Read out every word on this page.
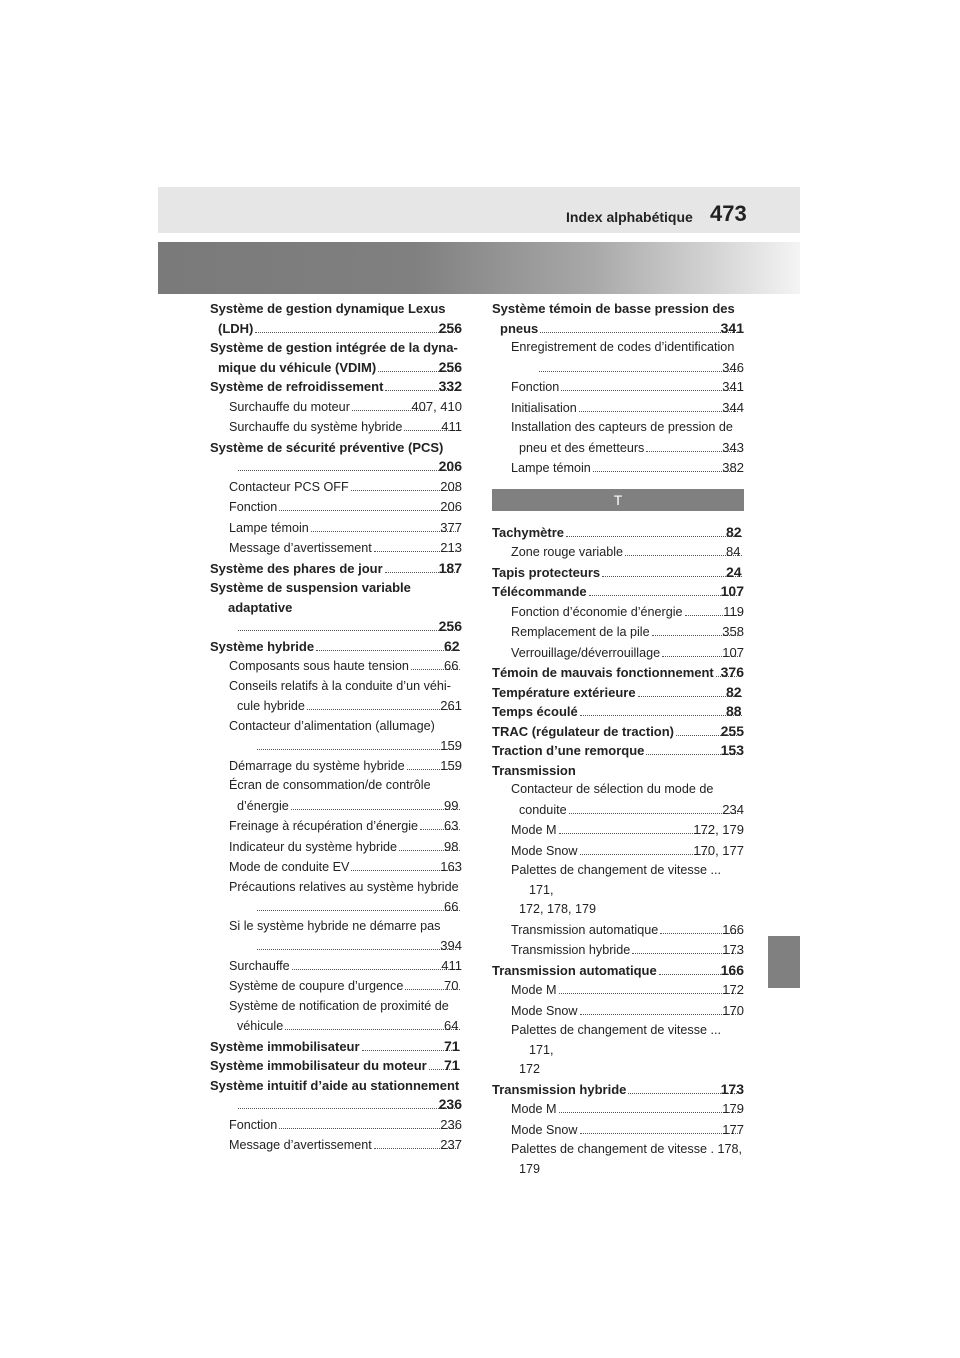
Index alphabétique 473
Système de gestion dynamique Lexus
(LDH)	256
Système de gestion intégrée de la dyna-
mique du véhicule (VDIM)	256
Système de refroidissement	332
Surchauffe du moteur	407, 410
Surchauffe du système hybride	411
Système de sécurité préventive (PCS)
206
Contacteur PCS OFF	208
Fonction	206
Lampe témoin	377
Message d’avertissement	213
Système des phares de jour	187
Système de suspension variable adaptative
256
Système hybride	62
Composants sous haute tension	66
Conseils relatifs à la conduite d’un véhi-
cule hybride	261
Contacteur d’alimentation (allumage)
159
Démarrage du système hybride	159
Écran de consommation/de contrôle
d’énergie	99
Freinage à récupération d’énergie 63
Indicateur du système hybride	98
Mode de conduite EV	163
Précautions relatives au système hybride
66
Si le système hybride ne démarre pas
394
Surchauffe	411
Système de coupure d’urgence	70
Système de notification de proximité de
véhicule	64
Système immobilisateur	71
Système immobilisateur du moteur 71
Système intuitif d’aide au stationnement
236
Fonction	236
Message d’avertissement	237
Système témoin de basse pression des
pneus	341
Enregistrement de codes d’identification
346
Fonction	341
Initialisation	344
Installation des capteurs de pression de
pneu et des émetteurs	343
Lampe témoin	382
T
Tachymètre	82
Zone rouge variable	84
Tapis protecteurs	24
Télécommande	107
Fonction d’économie d’énergie	119
Remplacement de la pile	358
Verrouillage/déverrouillage	107
Témoin de mauvais fonctionnement 376
Température extérieure	82
Temps écoulé	88
TRAC (régulateur de traction)	255
Traction d’une remorque	153
Transmission
Contacteur de sélection du mode de
conduite	234
Mode M	172, 179
Mode Snow	170, 177
Palettes de changement de vitesse ... 171,
172, 178, 179
Transmission automatique	166
Transmission hybride	173
Transmission automatique	166
Mode M	172
Mode Snow	170
Palettes de changement de vitesse ... 171,
172
Transmission hybride	173
Mode M	179
Mode Snow	177
Palettes de changement de vitesse . 178,
179
